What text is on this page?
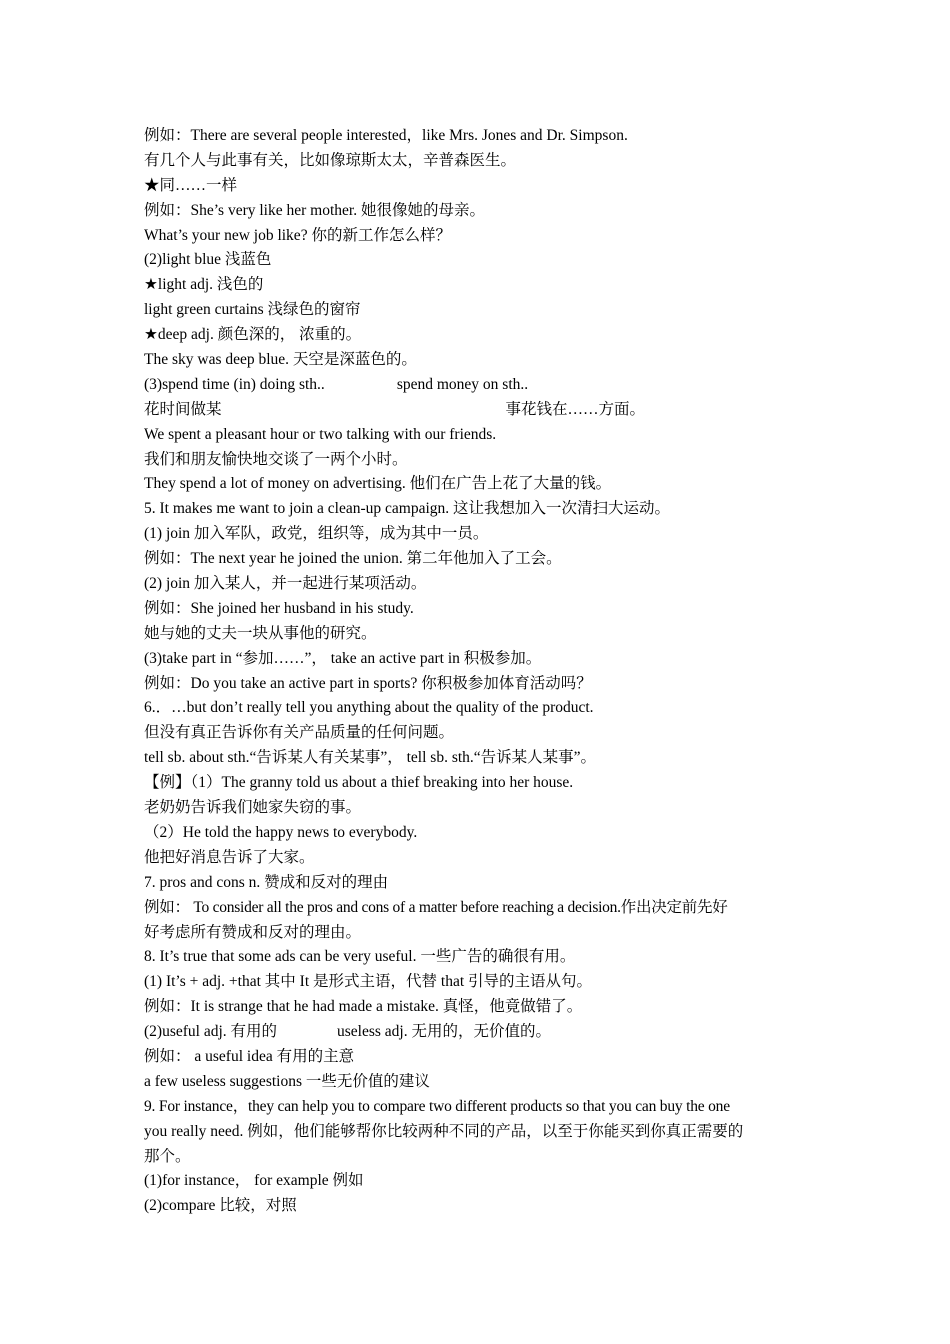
例如：There are several people interested，like Mrs. Jones and Dr. Simpson.
有几个人与此事有关，比如像琼斯太太，辛普森医生。
★同……一样
例如：She’s very like her mother. 她很像她的母亲。
What’s your new job like? 你的新工作怎么样？
(2)light blue 浅蓝色
★light adj. 浅色的
light green curtains 浅绿色的窗帘
★deep adj. 颜色深的， 浓重的。
The sky was deep blue. 天空是深蓝色的。
(3)spend time (in) doing sth..	spend money on sth..
花时间做某	事花钱在……方面。
We spent a pleasant hour or two talking with our friends.
我们和朋友愉快地交谈了一两个小时。
They spend a lot of money on advertising. 他们在广告上花了大量的钱。
5. It makes me want to join a clean-up campaign. 这让我想加入一次清扫大运动。
(1) join 加入军队，政党，组织等，成为其中一员。
例如：The next year he joined the union. 第二年他加入了工会。
(2) join 加入某人，并一起进行某项活动。
例如：She joined her husband in his study.
她与她的丈夫一块从事他的研究。
(3)take part in “参加……”， take an active part in 积极参加。
例如：Do you take an active part in sports? 你积极参加体育活动吗？
6.．…but don’t really tell you anything about the quality of the product.
但没有真正告诉你有关产品质量的任何问题。
tell sb. about sth.“告诉某人有关某事”， tell sb. sth.“告诉某人某事”。
【例】（1）The granny told us about a thief breaking into her house.
老奶奶告诉我们她家失窃的事。
（2）He told the happy news to everybody.
他把好消息告诉了大家。
7. pros and cons n. 赞成和反对的理由
例如： To consider all the pros and cons of a matter before reaching a decision.作出决定前先好
好考虑所有赞成和反对的理由。
8. It’s true that some ads can be very useful. 一些广告的确很有用。
(1) It’s + adj. +that 其中 It 是形式主语，代替 that 引导的主语从句。
例如：It is strange that he had made a mistake. 真怪，他竟做错了。
(2)useful adj. 有用的	useless adj. 无用的，无价值的。
例如： a useful idea 有用的主意
a few useless suggestions 一些无价值的建议
9. For instance，they can help you to compare two different products so that you can buy the one
you really need. 例如，他们能够帮你比较两种不同的产品，以至于你能买到你真正需要的
那个。
(1)for instance， for example 例如
(2)compare 比较，对照
